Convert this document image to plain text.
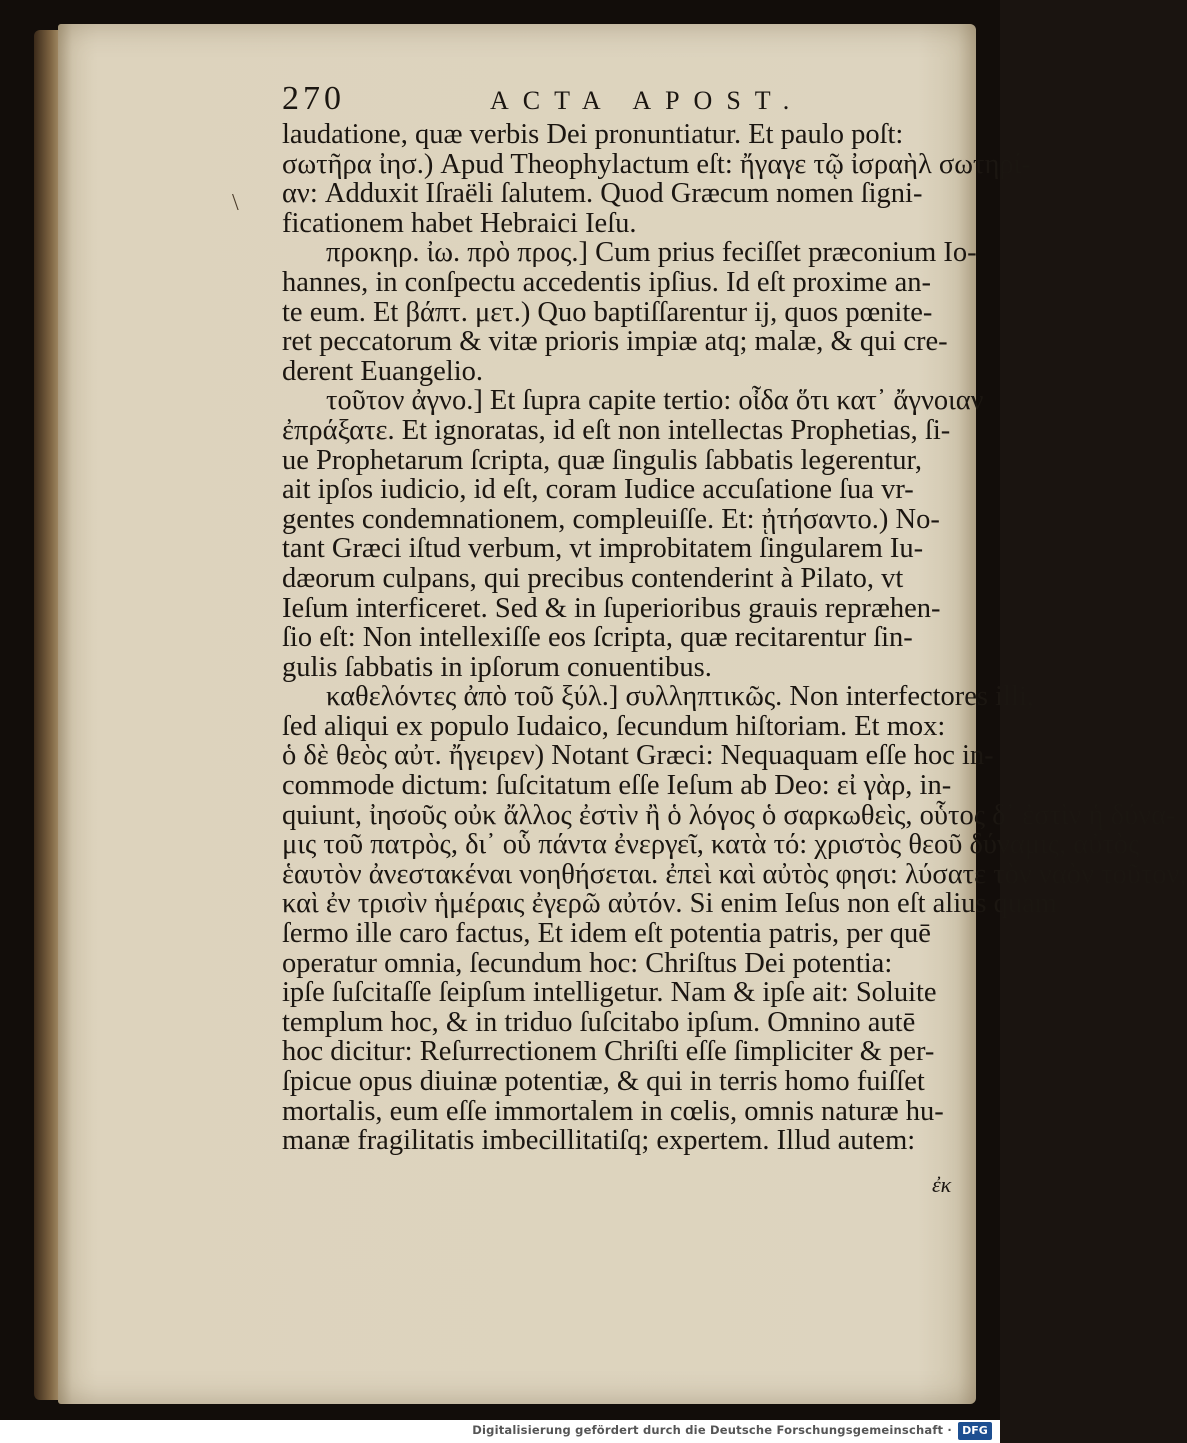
\
270	ACTA APOST.
laudatione, quæ verbis Dei pronuntiatur. Et paulo poſt:
σωτῆρα ἰησ.) Apud Theophylactum eſt: ἤγαγε τῷ ἰσραὴλ σωτηρί-
αν: Adduxit Iſraëli ſalutem. Quod Græcum nomen ſigni-
ficationem habet Hebraici Ieſu.
προκηρ. ἰω. πρὸ προς.] Cum prius feciſſet præconium Io-
hannes, in conſpectu accedentis ipſius. Id eſt proxime an-
te eum. Et βάπτ. μετ.) Quo baptiſſarentur ij, quos pœnite-
ret peccatorum & vitæ prioris impiæ atq; malæ, & qui cre-
derent Euangelio.
τοῦτον ἀγνο.] Et ſupra capite tertio: οἶδα ὅτι κατ᾿ ἄγνοιαν
ἐπράξατε. Et ignoratas, id eſt non intellectas Prophetias, ſi-
ue Prophetarum ſcripta, quæ ſingulis ſabbatis legerentur,
ait ipſos iudicio, id eſt, coram Iudice accuſatione ſua vr-
gentes condemnationem, compleuiſſe. Et: ᾐτήσαντο.) No-
tant Græci iſtud verbum, vt improbitatem ſingularem Iu-
dæorum culpans, qui precibus contenderint à Pilato, vt
Ieſum interficeret. Sed & in ſuperioribus grauis repræhen-
ſio eſt: Non intellexiſſe eos ſcripta, quæ recitarentur ſin-
gulis ſabbatis in ipſorum conuentibus.
καθελόντες ἀπὸ τοῦ ξύλ.] συλληπτικῶς. Non interfectores illi,
ſed aliqui ex populo Iudaico, ſecundum hiſtoriam. Et mox:
ὁ δὲ θεὸς αὐτ. ἤγειρεν) Notant Græci: Nequaquam eſſe hoc in-
commode dictum: ſuſcitatum eſſe Ieſum ab Deo: εἰ γὰρ, in-
quiunt, ἰησοῦς οὐκ ἄλλος ἐστὶν ἢ ὁ λόγος ὁ σαρκωθεὶς, οὗτος δ᾿ ἐστὶν ἡ δύνα-
μις τοῦ πατρὸς, δι᾿ οὗ πάντα ἐνεργεῖ, κατὰ τό: χριστὸς θεοῦ δύναμις, αὐτὸς
ἑαυτὸν ἀνεστακέναι νοηθήσεται. ἐπεὶ καὶ αὐτὸς φησι: λύσατε τὸν ναὸν τοῦτον,
καὶ ἐν τρισὶν ἡμέραις ἐγερῶ αὐτόν. Si enim Ieſus non eſt alius quam
ſermo ille caro factus, Et idem eſt potentia patris, per quē
operatur omnia, ſecundum hoc: Chriſtus Dei potentia:
ipſe ſuſcitaſſe ſeipſum intelligetur. Nam & ipſe ait: Soluite
templum hoc, & in triduo ſuſcitabo ipſum. Omnino autē
hoc dicitur: Reſurrectionem Chriſti eſſe ſimpliciter & per-
ſpicue opus diuinæ potentiæ, & qui in terris homo fuiſſet
mortalis, eum eſſe immortalem in cœlis, omnis naturæ hu-
manæ fragilitatis imbecillitatiſq; expertem. Illud autem:
ἐκ
Digitalisierung gefördert durch die Deutsche Forschungsgemeinschaft · DFG
